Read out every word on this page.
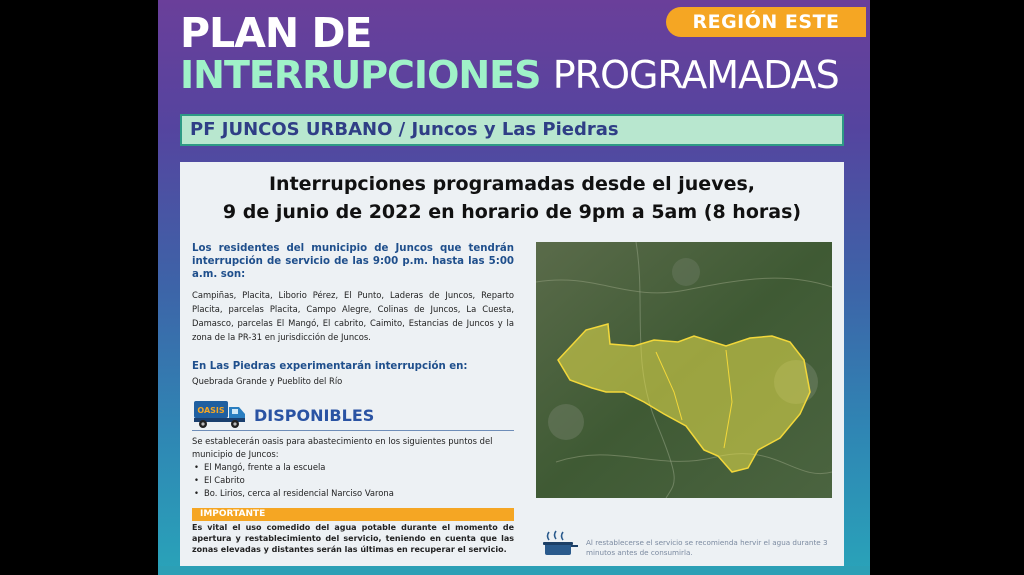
REGIÓN ESTE
PLAN DE
INTERRUPCIONES PROGRAMADAS
PF JUNCOS URBANO / Juncos y Las Piedras
Interrupciones programadas desde el jueves,
9 de junio de 2022 en horario de 9pm a 5am (8 horas)
Los residentes del municipio de Juncos que tendrán interrupción de servicio de las 9:00 p.m. hasta las 5:00 a.m. son:
Campiñas, Placita, Liborio Pérez, El Punto, Laderas de Juncos, Reparto Placita, parcelas Placita, Campo Alegre, Colinas de Juncos, La Cuesta, Damasco, parcelas El Mangó, El cabrito, Caimito, Estancias de Juncos y la zona de la PR-31 en jurisdicción de Juncos.
En Las Piedras experimentarán interrupción en:
Quebrada Grande y Pueblito del Río
OASIS DISPONIBLES
Se establecerán oasis para abastecimiento en los siguientes puntos del municipio de Juncos:
• El Mangó, frente a la escuela
• El Cabrito
• Bo. Lirios, cerca al residencial Narciso Varona
IMPORTANTE
Es vital el uso comedido del agua potable durante el momento de apertura y restablecimiento del servicio, teniendo en cuenta que las zonas elevadas y distantes serán las últimas en recuperar el servicio.
Al restablecerse el servicio se recomienda hervir el agua durante 3 minutos antes de consumirla.
